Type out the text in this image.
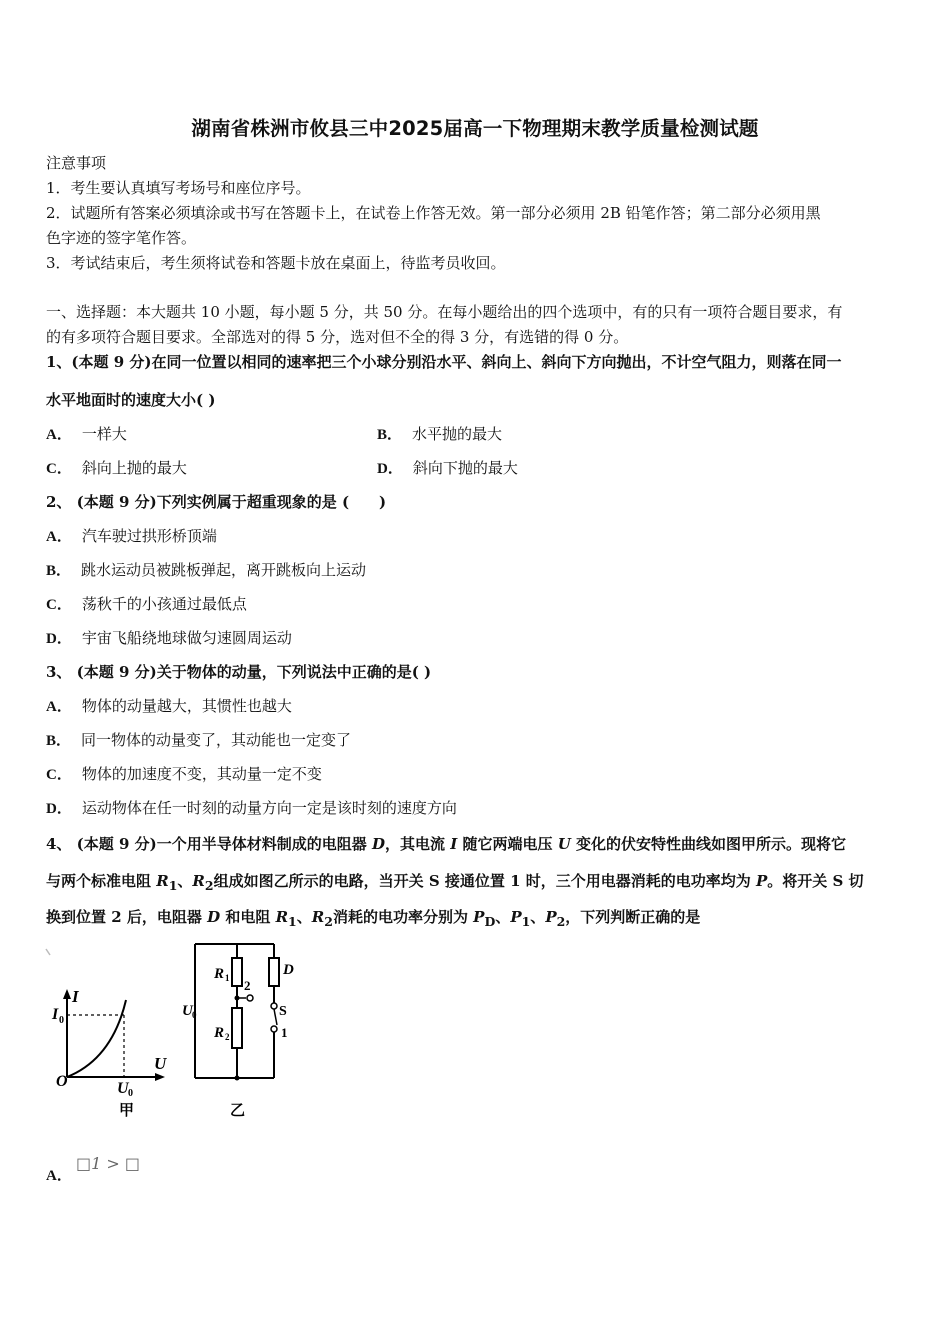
湖南省株洲市攸县三中2025届高一下物理期末教学质量检测试题
注意事项
1．考生要认真填写考场号和座位序号。
2．试题所有答案必须填涂或书写在答题卡上，在试卷上作答无效。第一部分必须用 2B 铅笔作答；第二部分必须用黑
色字迹的签字笔作答。
3．考试结束后，考生须将试卷和答题卡放在桌面上，待监考员收回。
一、选择题：本大题共 10 小题，每小题 5 分，共 50 分。在每小题给出的四个选项中，有的只有一项符合题目要求，有
的有多项符合题目要求。全部选对的得 5 分，选对但不全的得 3 分，有选错的得 0 分。
1、(本题 9 分)在同一位置以相同的速率把三个小球分别沿水平、斜向上、斜向下方向抛出，不计空气阻力，则落在同一
水平地面时的速度大小( )
A． 一样大	B． 水平抛的最大
C． 斜向上抛的最大	D． 斜向下抛的最大
2、 (本题 9 分)下列实例属于超重现象的是 (　　)
A． 汽车驶过拱形桥顶端
B． 跳水运动员被跳板弹起，离开跳板向上运动
C． 荡秋千的小孩通过最低点
D． 宇宙飞船绕地球做匀速圆周运动
3、 (本题 9 分)关于物体的动量，下列说法中正确的是( )
A． 物体的动量越大，其惯性也越大
B． 同一物体的动量变了，其动能也一定变了
C． 物体的加速度不变，其动量一定不变
D． 运动物体在任一时刻的动量方向一定是该时刻的速度方向
4、 (本题 9 分)一个用半导体材料制成的电阻器 D，其电流 I 随它两端电压 U 变化的伏安特性曲线如图甲所示。现将它
与两个标准电阻 $R_1$、$R_2$组成如图乙所示的电路，当开关 S 接通位置 1 时，三个用电器消耗的电功率均为 P。将开关 S 切
换到位置 2 后，电阻器 D 和电阻 $R_1$、$R_2$消耗的电功率分别为 $P_D$、$P_1$、$P_2$，下列判断正确的是
I
I 0
U
O	U 0
甲
U 0
R 1
R 2
D
2
S
1
乙
A．
□1 > □
